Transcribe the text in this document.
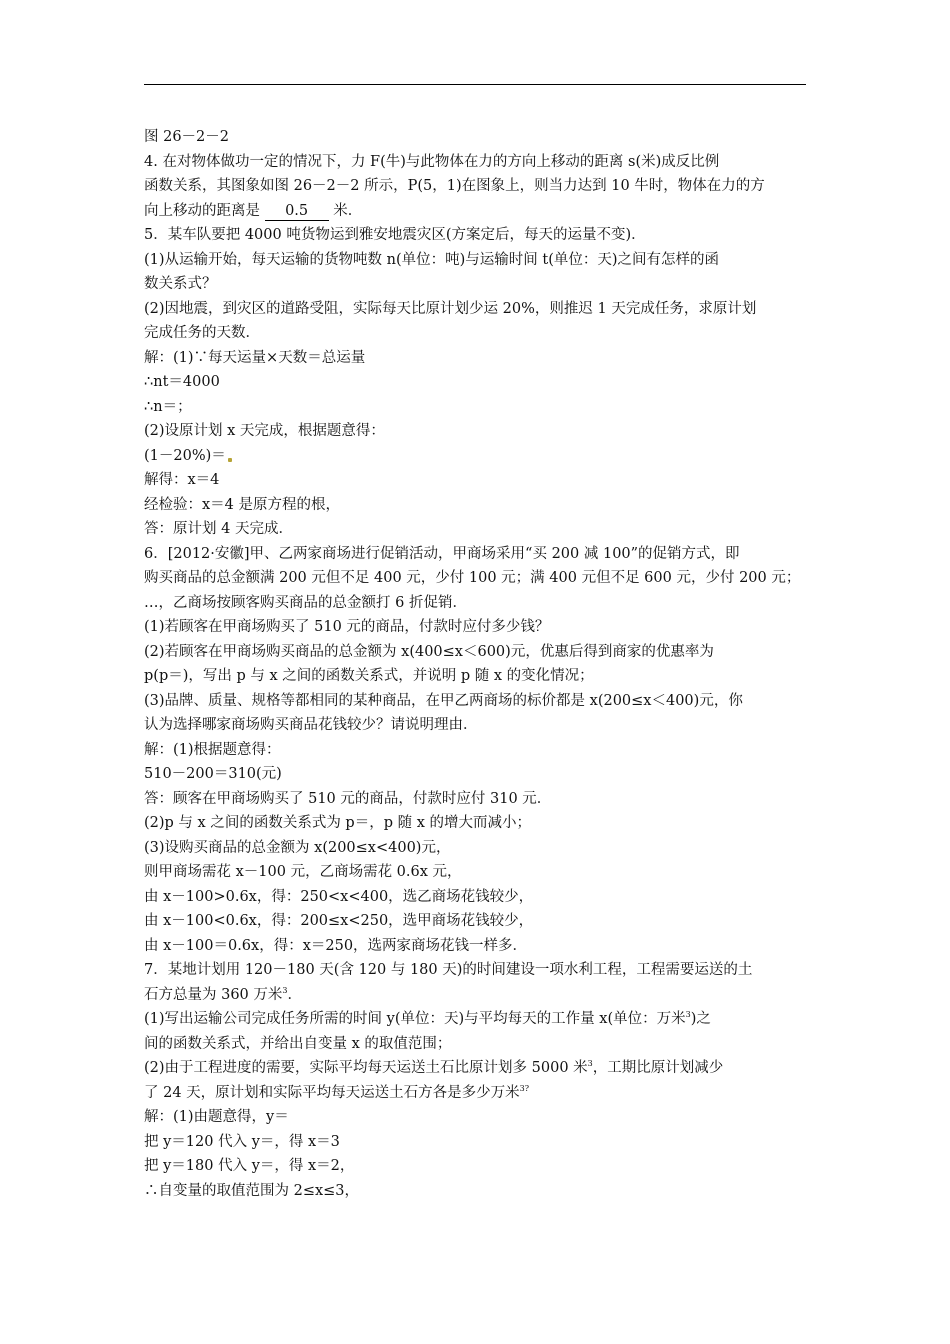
图 26－2－2
4. 在对物体做功一定的情况下，力 F(牛)与此物体在力的方向上移动的距离 s(米)成反比例
函数关系，其图象如图 26－2－2 所示，P(5，1)在图象上，则当力达到 10 牛时，物体在力的方
向上移动的距离是 0.5 米．
5．某车队要把 4000 吨货物运到雅安地震灾区(方案定后，每天的运量不变)．
(1)从运输开始，每天运输的货物吨数 n(单位：吨)与运输时间 t(单位：天)之间有怎样的函
数关系式？
(2)因地震，到灾区的道路受阻，实际每天比原计划少运 20%，则推迟 1 天完成任务，求原计划
完成任务的天数．
解：(1)∵每天运量×天数＝总运量
∴nt＝4000
∴n＝；
(2)设原计划 x 天完成，根据题意得：
(1－20%)＝
解得：x＝4
经检验：x＝4 是原方程的根，
答：原计划 4 天完成．
6．[2012·安徽]甲、乙两家商场进行促销活动，甲商场采用“买 200 减 100”的促销方式，即
购买商品的总金额满 200 元但不足 400 元，少付 100 元；满 400 元但不足 600 元，少付 200 元；
…，乙商场按顾客购买商品的总金额打 6 折促销．
(1)若顾客在甲商场购买了 510 元的商品，付款时应付多少钱？
(2)若顾客在甲商场购买商品的总金额为 x(400≤x＜600)元，优惠后得到商家的优惠率为
p(p＝)，写出 p 与 x 之间的函数关系式，并说明 p 随 x 的变化情况；
(3)品牌、质量、规格等都相同的某种商品，在甲乙两商场的标价都是 x(200≤x＜400)元，你
认为选择哪家商场购买商品花钱较少？请说明理由．
解：(1)根据题意得：
510－200＝310(元)
答：顾客在甲商场购买了 510 元的商品，付款时应付 310 元．
(2)p 与 x 之间的函数关系式为 p＝，p 随 x 的增大而减小；
(3)设购买商品的总金额为 x(200≤x<400)元，
则甲商场需花 x－100 元，乙商场需花 0.6x 元，
由 x－100>0.6x，得：250<x<400，选乙商场花钱较少，
由 x－100<0.6x，得：200≤x<250，选甲商场花钱较少，
由 x－100＝0.6x，得：x＝250，选两家商场花钱一样多．
7．某地计划用 120－180 天(含 120 与 180 天)的时间建设一项水利工程，工程需要运送的土
石方总量为 360 万米$^3$．
(1)写出运输公司完成任务所需的时间 y(单位：天)与平均每天的工作量 x(单位：万米$^3$)之
间的函数关系式，并给出自变量 x 的取值范围；
(2)由于工程进度的需要，实际平均每天运送土石比原计划多 5000 米$^3$，工期比原计划减少
了 24 天，原计划和实际平均每天运送土石方各是多少万米$^{3?}$
解：(1)由题意得，y＝
把 y＝120 代入 y＝，得 x＝3
把 y＝180 代入 y＝，得 x＝2，
∴自变量的取值范围为 2≤x≤3，
